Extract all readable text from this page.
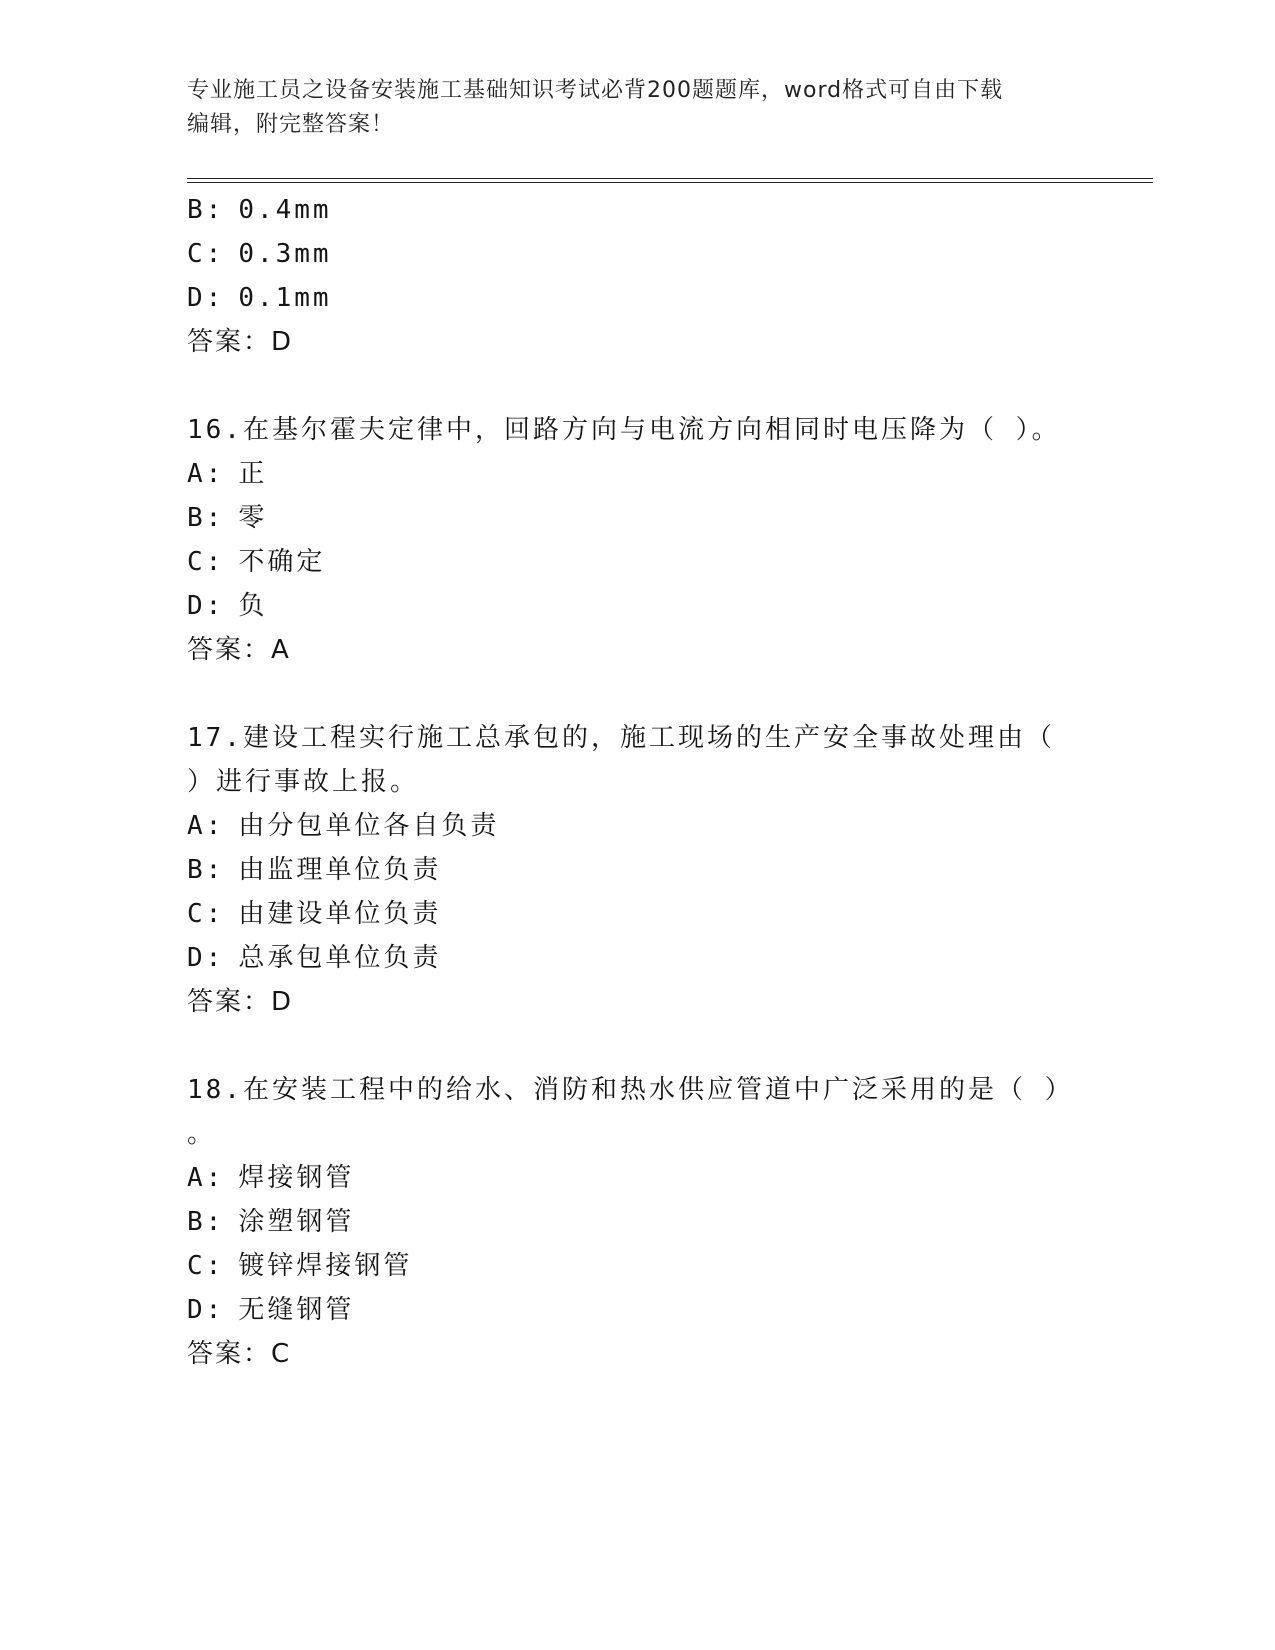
专业施工员之设备安装施工基础知识考试必背200题题库，word格式可自由下载
编辑，附完整答案！
B: 0.4mm
C: 0.3mm
D: 0.1mm
答案：D
16.在基尔霍夫定律中，回路方向与电流方向相同时电压降为（ ）。
A: 正
B: 零
C: 不确定
D: 负
答案：A
17.建设工程实行施工总承包的，施工现场的生产安全事故处理由（
）进行事故上报。
A: 由分包单位各自负责
B: 由监理单位负责
C: 由建设单位负责
D: 总承包单位负责
答案：D
18.在安装工程中的给水、消防和热水供应管道中广泛采用的是（ ）
。
A: 焊接钢管
B: 涂塑钢管
C: 镀锌焊接钢管
D: 无缝钢管
答案：C
